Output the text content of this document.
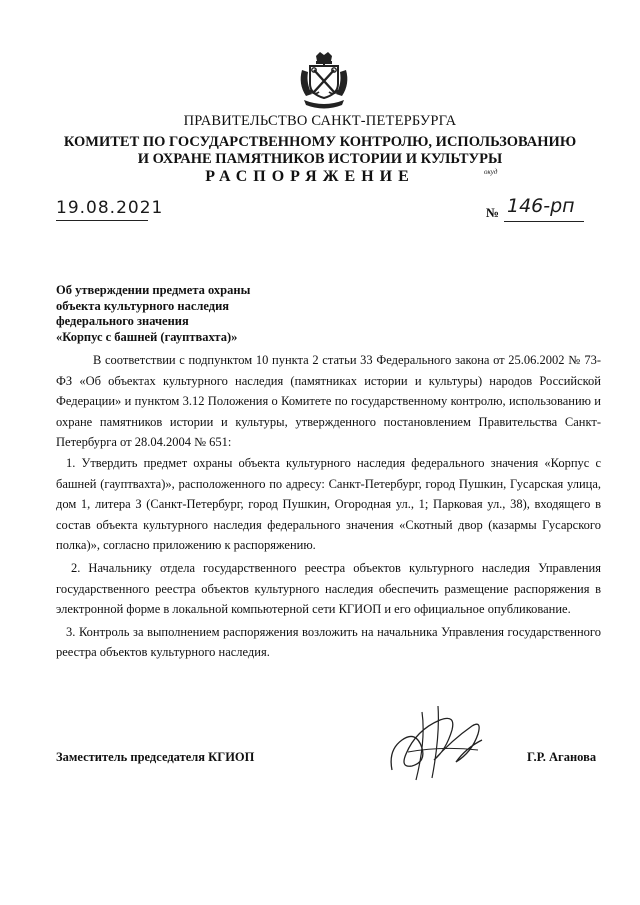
ПРАВИТЕЛЬСТВО САНКТ-ПЕТЕРБУРГА
КОМИТЕТ ПО ГОСУДАРСТВЕННОМУ КОНТРОЛЮ, ИСПОЛЬЗОВАНИЮ
И ОХРАНЕ ПАМЯТНИКОВ ИСТОРИИ И КУЛЬТУРЫ
РАСПОРЯЖЕНИЕ	окуд
19.08.2021	№ 146-рп
Об утверждении предмета охраны
объекта культурного наследия
федерального значения
«Корпус с башней (гауптвахта)»

В соответствии с подпунктом 10 пункта 2 статьи 33 Федерального закона от 25.06.2002 № 73-ФЗ «Об объектах культурного наследия (памятниках истории и культуры) народов Российской Федерации» и пунктом 3.12 Положения о Комитете по государственному контролю, использованию и охране памятников истории и культуры, утвержденного постановлением Правительства Санкт-Петербурга от 28.04.2004 № 651:

1. Утвердить предмет охраны объекта культурного наследия федерального значения «Корпус с башней (гауптвахта)», расположенного по адресу: Санкт-Петербург, город Пушкин, Гусарская улица, дом 1, литера З (Санкт-Петербург, город Пушкин, Огородная ул., 1; Парковая ул., 38), входящего в состав объекта культурного наследия федерального значения «Скотный двор (казармы Гусарского полка)», согласно приложению к распоряжению.

2. Начальнику отдела государственного реестра объектов культурного наследия Управления государственного реестра объектов культурного наследия обеспечить размещение распоряжения в электронной форме в локальной компьютерной сети КГИОП и его официальное опубликование.

3. Контроль за выполнением распоряжения возложить на начальника Управления государственного реестра объектов культурного наследия.

Заместитель председателя КГИОП	Г.Р. Аганова
